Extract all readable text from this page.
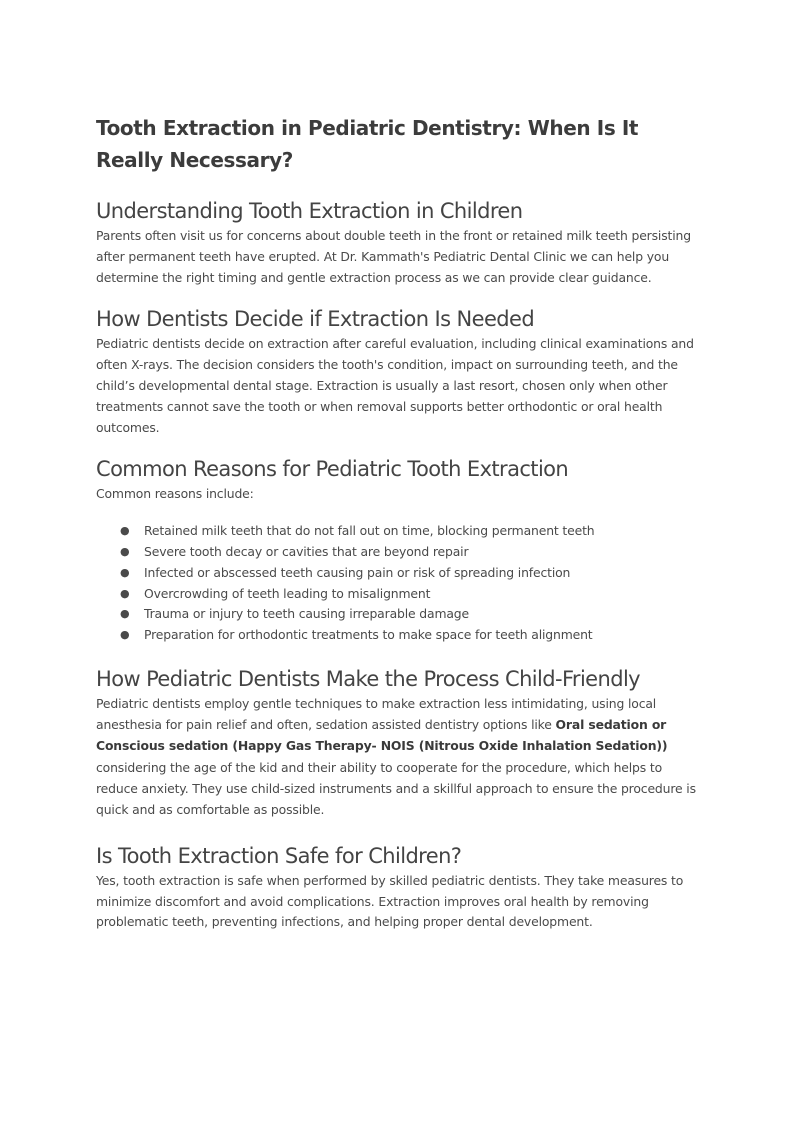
Tooth Extraction in Pediatric Dentistry: When Is It Really Necessary?
Understanding Tooth Extraction in Children

Parents often visit us for concerns about double teeth in the front or retained milk teeth persisting after permanent teeth have erupted. At Dr. Kammath's Pediatric Dental Clinic we can help you determine the right timing and gentle extraction process as we can provide clear guidance.

How Dentists Decide if Extraction Is Needed

Pediatric dentists decide on extraction after careful evaluation, including clinical examinations and often X-rays. The decision considers the tooth's condition, impact on surrounding teeth, and the child’s developmental dental stage. Extraction is usually a last resort, chosen only when other treatments cannot save the tooth or when removal supports better orthodontic or oral health outcomes.

Common Reasons for Pediatric Tooth Extraction

Common reasons include:

● Retained milk teeth that do not fall out on time, blocking permanent teeth
● Severe tooth decay or cavities that are beyond repair
● Infected or abscessed teeth causing pain or risk of spreading infection
● Overcrowding of teeth leading to misalignment
● Trauma or injury to teeth causing irreparable damage
● Preparation for orthodontic treatments to make space for teeth alignment
How Pediatric Dentists Make the Process Child-Friendly

Pediatric dentists employ gentle techniques to make extraction less intimidating, using local anesthesia for pain relief and often, sedation assisted dentistry options like Oral sedation or Conscious sedation (Happy Gas Therapy- NOIS (Nitrous Oxide Inhalation Sedation))

considering the age of the kid and their ability to cooperate for the procedure, which helps to reduce anxiety. They use child-sized instruments and a skillful approach to ensure the procedure is quick and as comfortable as possible.

Is Tooth Extraction Safe for Children?

Yes, tooth extraction is safe when performed by skilled pediatric dentists. They take measures to minimize discomfort and avoid complications. Extraction improves oral health by removing problematic teeth, preventing infections, and helping proper dental development.
